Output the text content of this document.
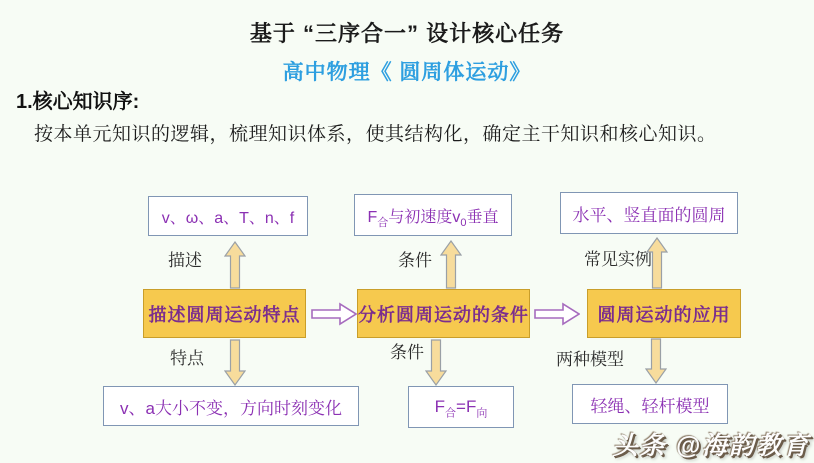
基于 “三序合一” 设计核心任务
高中物理《 圆周体运动》
1.核心知识序:
按本单元知识的逻辑，梳理知识体系，使其结构化，确定主干知识和核心知识。
v、ω、a、T、n、f	$F_合$与初速度$v_0$垂直	水平、竖直面的圆周
描述	条件	常见实例
描述圆周运动特点	分析圆周运动的条件	圆周运动的应用
特点	条件	两种模型
v、a大小不变，方向时刻变化	$F_合=F_向$	轻绳、轻杆模型
头条 @海韵教育
